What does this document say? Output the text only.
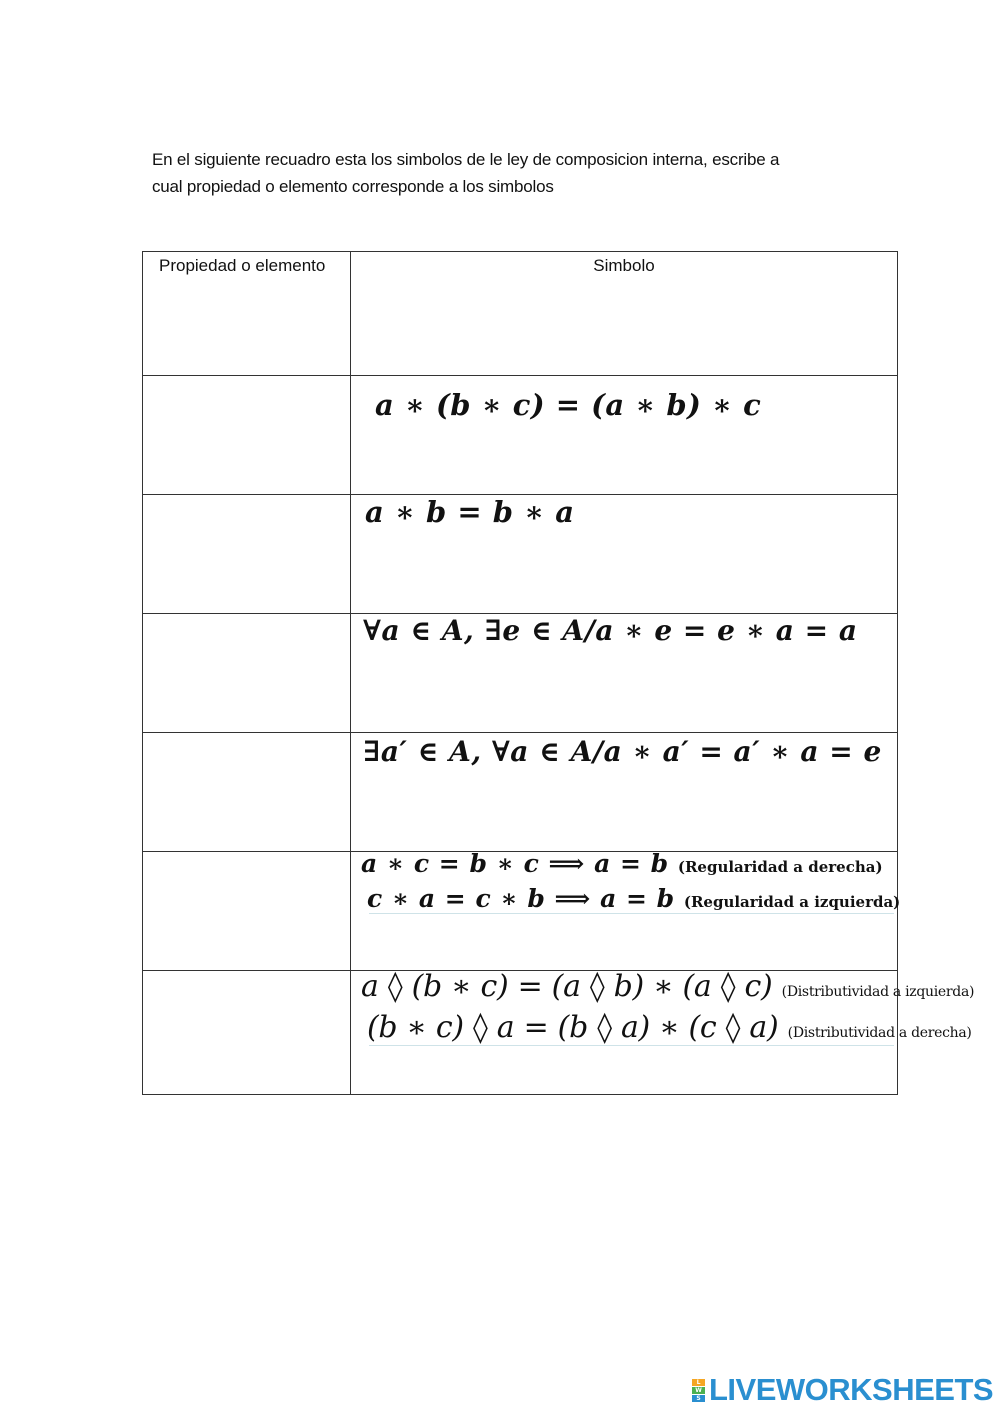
En el siguiente recuadro esta los simbolos de le ley de composicion interna, escribe a

cual propiedad o elemento corresponde a los simbolos

Propiedad o elemento	Simbolo

a ∗ (b ∗ c) = (a ∗ b) ∗ c

a ∗ b = b ∗ a

∀a ∈ A, ∃e ∈ A/a ∗ e = e ∗ a = a

∃a′ ∈ A, ∀a ∈ A/a ∗ a′ = a′ ∗ a = e

a ∗ c = b ∗ c ⟹ a = b (Regularidad a derecha)
c ∗ a = c ∗ b ⟹ a = b (Regularidad a izquierda)

a ◊ (b ∗ c) = (a ◊ b) ∗ (a ◊ c) (Distributividad a izquierda)
(b ∗ c) ◊ a = (b ◊ a) ∗ (c ◊ a) (Distributividad a derecha)
L
W
S LIVEWORKSHEETS
